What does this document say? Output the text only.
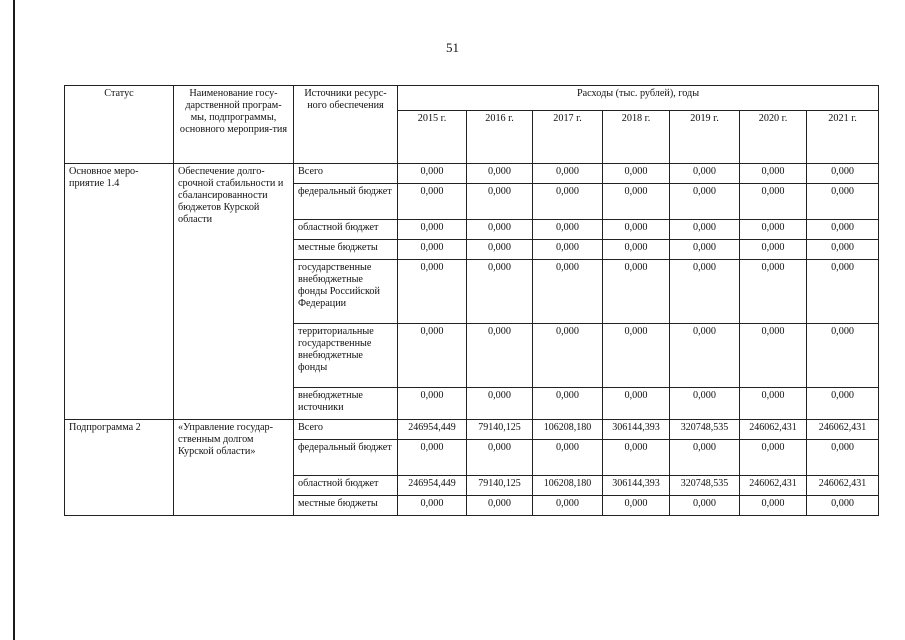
51
Статус	Наименование госу-дарственной програм-мы, подпрограммы, основного мероприя-тия	Источники ресурс-ного обеспечения	Расходы (тыс. рублей), годы						
			2015 г.	2016 г.	2017 г.	2018 г.	2019 г.	2020 г.	2021 г.
Основное меро-приятие 1.4	Обеспечение долго-срочной стабильности и сбалансированности бюджетов Курской области	Всего	0,000	0,000	0,000	0,000	0,000	0,000	0,000
		федеральный бюджет	0,000	0,000	0,000	0,000	0,000	0,000	0,000
		областной бюджет	0,000	0,000	0,000	0,000	0,000	0,000	0,000
		местные бюджеты	0,000	0,000	0,000	0,000	0,000	0,000	0,000
		государственные внебюджетные фонды Российской Федерации	0,000	0,000	0,000	0,000	0,000	0,000	0,000
		территориальные государственные внебюджетные фонды	0,000	0,000	0,000	0,000	0,000	0,000	0,000
		внебюджетные источники	0,000	0,000	0,000	0,000	0,000	0,000	0,000
Подпрограмма 2	«Управление государ-ственным долгом Курской области»	Всего	246954,449	79140,125	106208,180	306144,393	320748,535	246062,431	246062,431
		федеральный бюджет	0,000	0,000	0,000	0,000	0,000	0,000	0,000
		областной бюджет	246954,449	79140,125	106208,180	306144,393	320748,535	246062,431	246062,431
		местные бюджеты	0,000	0,000	0,000	0,000	0,000	0,000	0,000
